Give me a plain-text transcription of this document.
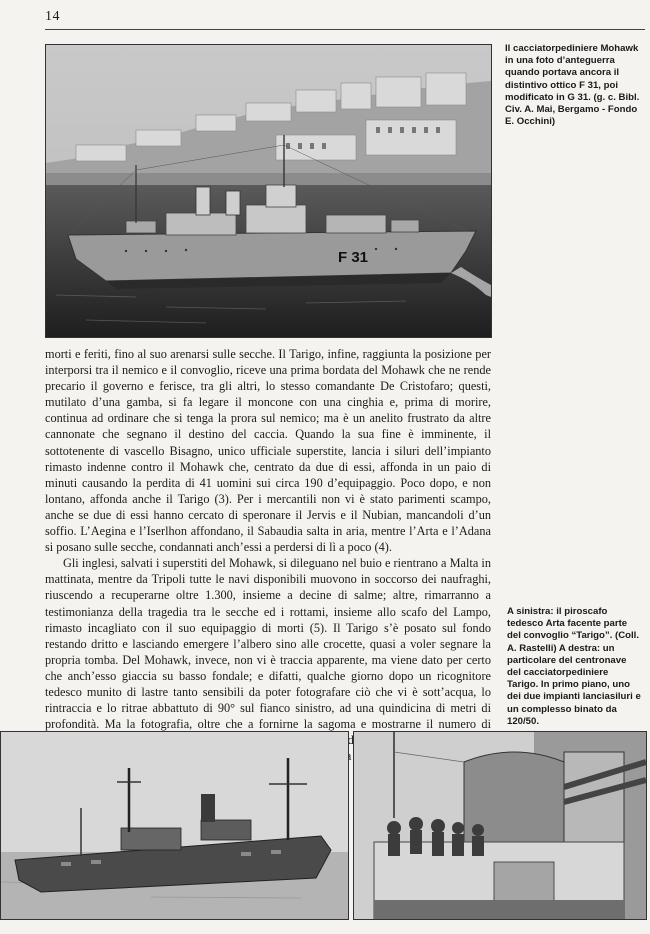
14
F 31
Il cacciatorpediniere Mohawk in una foto d’anteguerra quando portava ancora il distintivo ottico F 31, poi modificato in G 31. (g. c. Bibl. Civ. A. Mai, Bergamo - Fondo E. Occhini)

morti e feriti, fino al suo arenarsi sulle secche. Il Tarigo, infine, raggiunta la posizione per interporsi tra il nemico e il convoglio, riceve una prima bordata del Mohawk che ne rende precario il governo e ferisce, tra gli altri, lo stesso comandante De Cristofaro; questi, mutilato d’una gamba, si fa legare il moncone con una cinghia e, prima di morire, continua ad ordinare che si tenga la prora sul nemico; ma è un anelito frustrato da altre cannonate che segnano il destino del caccia. Quando la sua fine è imminente, il sottotenente di vascello Bisagno, unico ufficiale superstite, lancia i siluri dell’impianto rimasto indenne contro il Mohawk che, centrato da due di essi, affonda in un paio di minuti causando la perdita di 41 uomini sui circa 190 d’equipaggio. Poco dopo, e non lontano, affonda anche il Tarigo (3). Per i mercantili non vi è stato parimenti scampo, anche se due di essi hanno cercato di speronare il Jervis e il Nubian, mancandoli d’un soffio. L’Aegina e l’Iserlhon affondano, il Sabaudia salta in aria, mentre l’Arta e l’Adana si posano sulle secche, condannati anch’essi a perdersi di lì a poco (4).

Gli inglesi, salvati i superstiti del Mohawk, si dileguano nel buio e rientrano a Malta in mattinata, mentre da Tripoli tutte le navi disponibili muovono in soccorso dei naufraghi, riuscendo a recuperarne oltre 1.300, insieme a decine di salme; altre, rimarranno a testimonianza della tragedia tra le secche ed i rottami, insieme allo scafo del Lampo, rimasto incagliato con il suo equipaggio di morti (5). Il Tarigo s’è posato sul fondo restando dritto e lasciando emergere l’albero sino alle crocette, quasi a voler segnare la propria tomba. Del Mohawk, invece, non vi è traccia apparente, ma viene dato per certo che anch’esso giaccia su basso fondale; e difatti, qualche giorno dopo un ricognitore tedesco munito di lastre tanto sensibili da poter fotografare ciò che vi è sott’acqua, lo rintraccia e lo ritrae abbattuto di 90° sul fianco sinistro, ad una quindicina di metri di profondità. Ma la fotografia, oltre che a fornirne la sagoma e mostrarne il numero di

A sinistra: il piroscafo tedesco Arta facente parte del convoglio “Tarigo”. (Coll. A. Rastelli) A destra: un particolare del centronave del cacciatorpediniere Tarigo. In primo piano, uno dei due impianti lanciasiluri e un complesso binato da 120/50.
